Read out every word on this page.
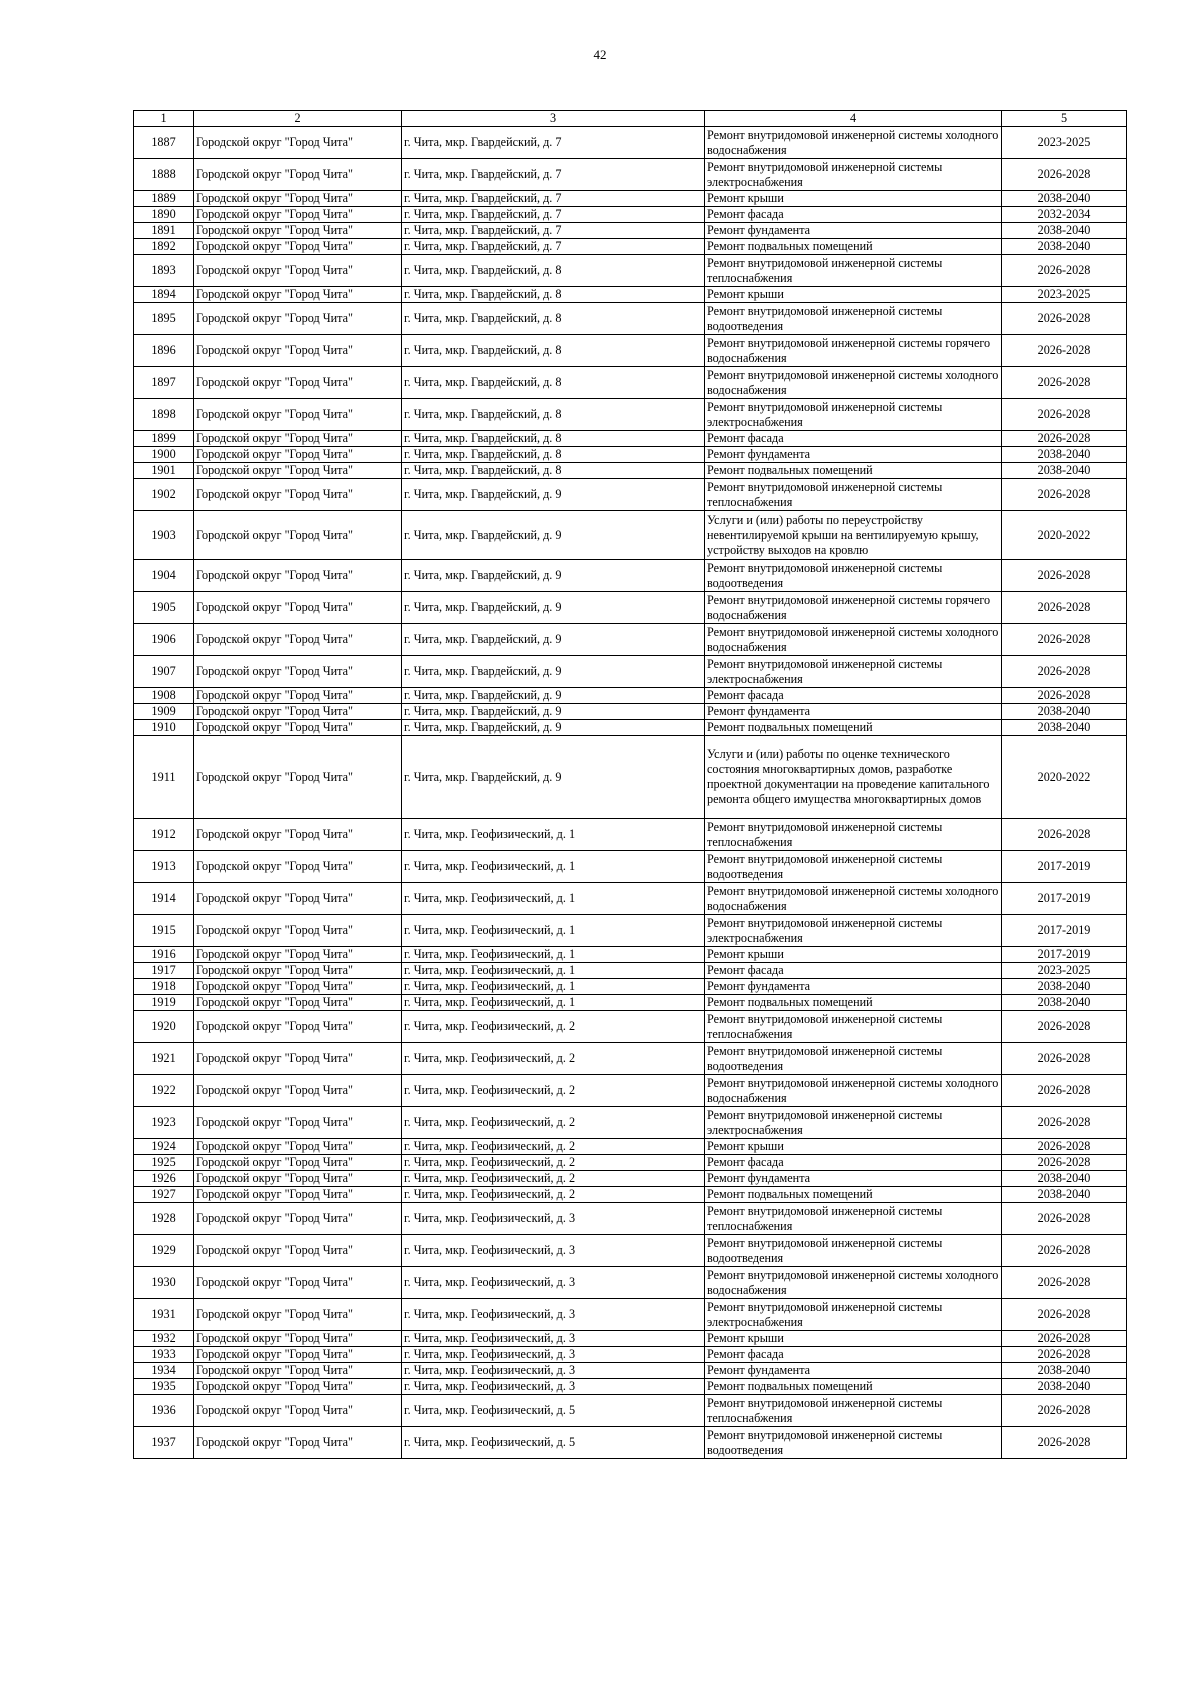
42
1	2	3	4	5
1887	Городской округ "Город Чита"	г. Чита, мкр. Гвардейский, д. 7	Ремонт внутридомовой инженерной системы холодного водоснабжения	2023-2025
1888	Городской округ "Город Чита"	г. Чита, мкр. Гвардейский, д. 7	Ремонт внутридомовой инженерной системы электроснабжения	2026-2028
1889	Городской округ "Город Чита"	г. Чита, мкр. Гвардейский, д. 7	Ремонт крыши	2038-2040
1890	Городской округ "Город Чита"	г. Чита, мкр. Гвардейский, д. 7	Ремонт фасада	2032-2034
1891	Городской округ "Город Чита"	г. Чита, мкр. Гвардейский, д. 7	Ремонт фундамента	2038-2040
1892	Городской округ "Город Чита"	г. Чита, мкр. Гвардейский, д. 7	Ремонт подвальных помещений	2038-2040
1893	Городской округ "Город Чита"	г. Чита, мкр. Гвардейский, д. 8	Ремонт внутридомовой инженерной системы теплоснабжения	2026-2028
1894	Городской округ "Город Чита"	г. Чита, мкр. Гвардейский, д. 8	Ремонт крыши	2023-2025
1895	Городской округ "Город Чита"	г. Чита, мкр. Гвардейский, д. 8	Ремонт внутридомовой инженерной системы водоотведения	2026-2028
1896	Городской округ "Город Чита"	г. Чита, мкр. Гвардейский, д. 8	Ремонт внутридомовой инженерной системы горячего водоснабжения	2026-2028
1897	Городской округ "Город Чита"	г. Чита, мкр. Гвардейский, д. 8	Ремонт внутридомовой инженерной системы холодного водоснабжения	2026-2028
1898	Городской округ "Город Чита"	г. Чита, мкр. Гвардейский, д. 8	Ремонт внутридомовой инженерной системы электроснабжения	2026-2028
1899	Городской округ "Город Чита"	г. Чита, мкр. Гвардейский, д. 8	Ремонт фасада	2026-2028
1900	Городской округ "Город Чита"	г. Чита, мкр. Гвардейский, д. 8	Ремонт фундамента	2038-2040
1901	Городской округ "Город Чита"	г. Чита, мкр. Гвардейский, д. 8	Ремонт подвальных помещений	2038-2040
1902	Городской округ "Город Чита"	г. Чита, мкр. Гвардейский, д. 9	Ремонт внутридомовой инженерной системы теплоснабжения	2026-2028
1903	Городской округ "Город Чита"	г. Чита, мкр. Гвардейский, д. 9	Услуги и (или) работы по переустройству невентилируемой крыши на вентилируемую крышу, устройству выходов на кровлю	2020-2022
1904	Городской округ "Город Чита"	г. Чита, мкр. Гвардейский, д. 9	Ремонт внутридомовой инженерной системы водоотведения	2026-2028
1905	Городской округ "Город Чита"	г. Чита, мкр. Гвардейский, д. 9	Ремонт внутридомовой инженерной системы горячего водоснабжения	2026-2028
1906	Городской округ "Город Чита"	г. Чита, мкр. Гвардейский, д. 9	Ремонт внутридомовой инженерной системы холодного водоснабжения	2026-2028
1907	Городской округ "Город Чита"	г. Чита, мкр. Гвардейский, д. 9	Ремонт внутридомовой инженерной системы электроснабжения	2026-2028
1908	Городской округ "Город Чита"	г. Чита, мкр. Гвардейский, д. 9	Ремонт фасада	2026-2028
1909	Городской округ "Город Чита"	г. Чита, мкр. Гвардейский, д. 9	Ремонт фундамента	2038-2040
1910	Городской округ "Город Чита"	г. Чита, мкр. Гвардейский, д. 9	Ремонт подвальных помещений	2038-2040
1911	Городской округ "Город Чита"	г. Чита, мкр. Гвардейский, д. 9	Услуги и (или) работы по оценке технического состояния многоквартирных домов, разработке проектной документации на проведение капитального ремонта общего имущества многоквартирных домов	2020-2022
1912	Городской округ "Город Чита"	г. Чита, мкр. Геофизический, д. 1	Ремонт внутридомовой инженерной системы теплоснабжения	2026-2028
1913	Городской округ "Город Чита"	г. Чита, мкр. Геофизический, д. 1	Ремонт внутридомовой инженерной системы водоотведения	2017-2019
1914	Городской округ "Город Чита"	г. Чита, мкр. Геофизический, д. 1	Ремонт внутридомовой инженерной системы холодного водоснабжения	2017-2019
1915	Городской округ "Город Чита"	г. Чита, мкр. Геофизический, д. 1	Ремонт внутридомовой инженерной системы электроснабжения	2017-2019
1916	Городской округ "Город Чита"	г. Чита, мкр. Геофизический, д. 1	Ремонт крыши	2017-2019
1917	Городской округ "Город Чита"	г. Чита, мкр. Геофизический, д. 1	Ремонт фасада	2023-2025
1918	Городской округ "Город Чита"	г. Чита, мкр. Геофизический, д. 1	Ремонт фундамента	2038-2040
1919	Городской округ "Город Чита"	г. Чита, мкр. Геофизический, д. 1	Ремонт подвальных помещений	2038-2040
1920	Городской округ "Город Чита"	г. Чита, мкр. Геофизический, д. 2	Ремонт внутридомовой инженерной системы теплоснабжения	2026-2028
1921	Городской округ "Город Чита"	г. Чита, мкр. Геофизический, д. 2	Ремонт внутридомовой инженерной системы водоотведения	2026-2028
1922	Городской округ "Город Чита"	г. Чита, мкр. Геофизический, д. 2	Ремонт внутридомовой инженерной системы холодного водоснабжения	2026-2028
1923	Городской округ "Город Чита"	г. Чита, мкр. Геофизический, д. 2	Ремонт внутридомовой инженерной системы электроснабжения	2026-2028
1924	Городской округ "Город Чита"	г. Чита, мкр. Геофизический, д. 2	Ремонт крыши	2026-2028
1925	Городской округ "Город Чита"	г. Чита, мкр. Геофизический, д. 2	Ремонт фасада	2026-2028
1926	Городской округ "Город Чита"	г. Чита, мкр. Геофизический, д. 2	Ремонт фундамента	2038-2040
1927	Городской округ "Город Чита"	г. Чита, мкр. Геофизический, д. 2	Ремонт подвальных помещений	2038-2040
1928	Городской округ "Город Чита"	г. Чита, мкр. Геофизический, д. 3	Ремонт внутридомовой инженерной системы теплоснабжения	2026-2028
1929	Городской округ "Город Чита"	г. Чита, мкр. Геофизический, д. 3	Ремонт внутридомовой инженерной системы водоотведения	2026-2028
1930	Городской округ "Город Чита"	г. Чита, мкр. Геофизический, д. 3	Ремонт внутридомовой инженерной системы холодного водоснабжения	2026-2028
1931	Городской округ "Город Чита"	г. Чита, мкр. Геофизический, д. 3	Ремонт внутридомовой инженерной системы электроснабжения	2026-2028
1932	Городской округ "Город Чита"	г. Чита, мкр. Геофизический, д. 3	Ремонт крыши	2026-2028
1933	Городской округ "Город Чита"	г. Чита, мкр. Геофизический, д. 3	Ремонт фасада	2026-2028
1934	Городской округ "Город Чита"	г. Чита, мкр. Геофизический, д. 3	Ремонт фундамента	2038-2040
1935	Городской округ "Город Чита"	г. Чита, мкр. Геофизический, д. 3	Ремонт подвальных помещений	2038-2040
1936	Городской округ "Город Чита"	г. Чита, мкр. Геофизический, д. 5	Ремонт внутридомовой инженерной системы теплоснабжения	2026-2028
1937	Городской округ "Город Чита"	г. Чита, мкр. Геофизический, д. 5	Ремонт внутридомовой инженерной системы водоотведения	2026-2028
